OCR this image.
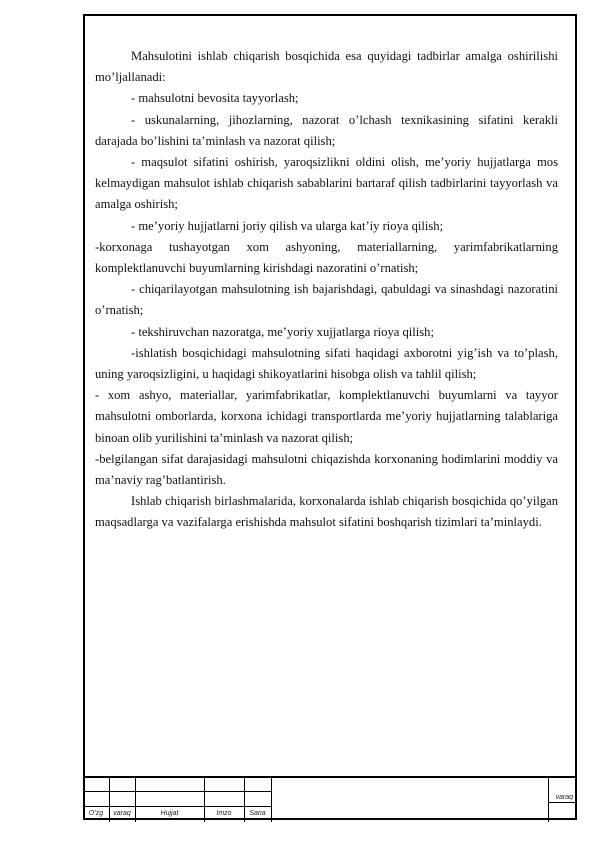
Mahsulotini ishlab chiqarish bosqichida esa quyidagi tadbirlar amalga oshirilishi mo’ljallanadi:

- mahsulotni bevosita tayyorlash;

- uskunalarning, jihozlarning, nazorat o’lchash texnikasining sifatini kerakli darajada bo’lishini ta’minlash va nazorat qilish;

- maqsulot sifatini oshirish, yaroqsizlikni oldini olish, me’yoriy hujjatlarga mos kelmaydigan mahsulot ishlab chiqarish sabablarini bartaraf qilish tadbirlarini tayyorlash va amalga oshirish;

- me’yoriy hujjatlarni joriy qilish va ularga kat’iy rioya qilish;

-korxonaga tushayotgan xom ashyoning, materiallarning, yarimfabrikatlarning komplektlanuvchi buyumlarning kirishdagi nazoratini o’rnatish;

- chiqarilayotgan mahsulotning ish bajarishdagi, qabuldagi va sinashdagi nazoratini o’rnatish;

- tekshiruvchan nazoratga, me’yoriy xujjatlarga rioya qilish;

-ishlatish bosqichidagi mahsulotning sifati haqidagi axborotni yig’ish va to’plash, uning yaroqsizligini, u haqidagi shikoyatlarini hisobga olish va tahlil qilish;

- xom ashyo, materiallar, yarimfabrikatlar, komplektlanuvchi buyumlarni va tayyor mahsulotni omborlarda, korxona ichidagi transportlarda me’yoriy hujjatlarning talablariga binoan olib yurilishini ta’minlash va nazorat qilish;

-belgilangan sifat darajasidagi mahsulotni chiqazishda korxonaning hodimlarini moddiy va ma’naviy rag’batlantirish.

Ishlab chiqarish birlashmalarida, korxonalarda ishlab chiqarish bosqichida qo’yilgan maqsadlarga va vazifalarga erishishda mahsulot sifatini boshqarish tizimlari ta’minlaydi.

O’zg	varaq	Hujjat	Imzo	Sana
varaq
